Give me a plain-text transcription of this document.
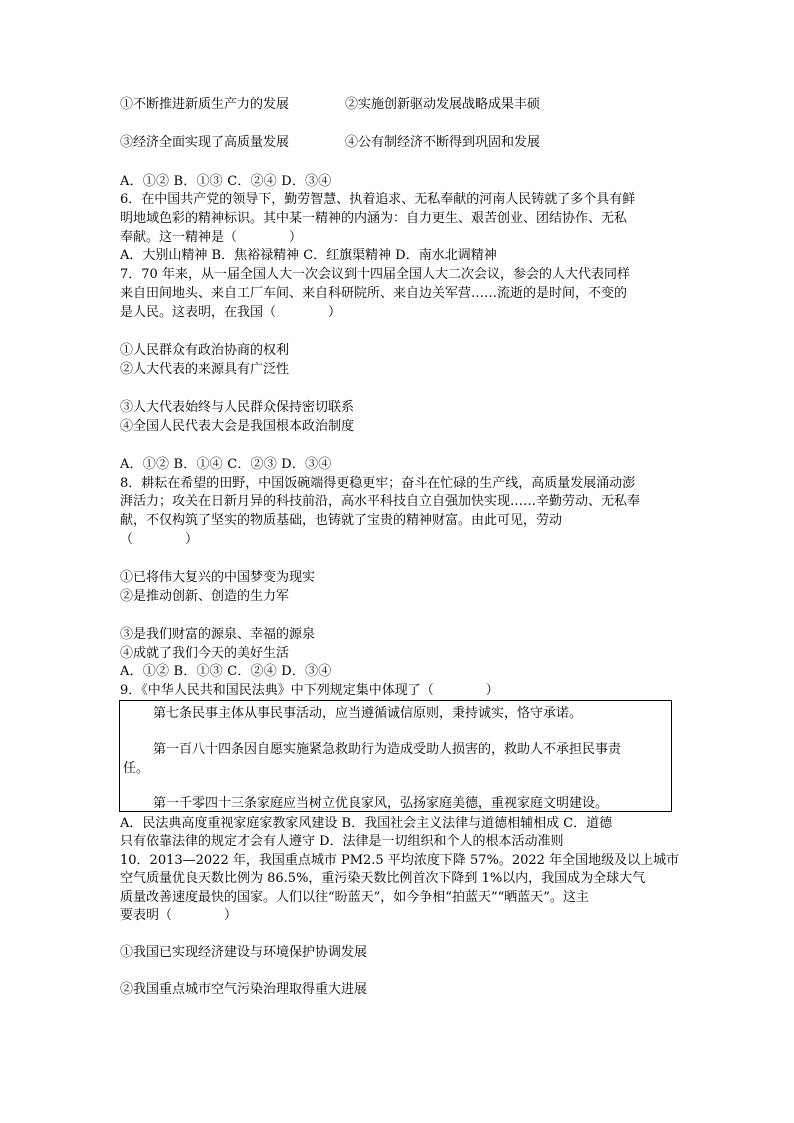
①不断推进新质生产力的发展	②实施创新驱动发展战略成果丰硕
③经济全面实现了高质量发展	④公有制经济不断得到巩固和发展
A．①② B．①③ C．②④ D．③④
6．在中国共产党的领导下，勤劳智慧、执着追求、无私奉献的河南人民铸就了多个具有鲜
明地域色彩的精神标识。其中某一精神的内涵为：自力更生、艰苦创业、团结协作、无私
奉献。这一精神是（　　　　）
A．大别山精神 B．焦裕禄精神 C．红旗渠精神 D．南水北调精神
7．70 年来，从一届全国人大一次会议到十四届全国人大二次会议，参会的人大代表同样
来自田间地头、来自工厂车间、来自科研院所、来自边关军营……流逝的是时间，不变的
是人民。这表明，在我国（　　　　）
①人民群众有政治协商的权利
②人大代表的来源具有广泛性
③人大代表始终与人民群众保持密切联系
④全国人民代表大会是我国根本政治制度
A．①② B．①④ C．②③ D．③④
8．耕耘在希望的田野，中国饭碗端得更稳更牢；奋斗在忙碌的生产线，高质量发展涌动澎
湃活力；攻关在日新月异的科技前沿，高水平科技自立自强加快实现……辛勤劳动、无私奉
献，不仅构筑了坚实的物质基础，也铸就了宝贵的精神财富。由此可见，劳动
（　　　　）
①已将伟大复兴的中国梦变为现实
②是推动创新、创造的生力军
③是我们财富的源泉、幸福的源泉
④成就了我们今天的美好生活
A．①② B．①③ C．②④ D．③④
9．《中华人民共和国民法典》中下列规定集中体现了（　　　　）
第七条民事主体从事民事活动，应当遵循诚信原则，秉持诚实，恪守承诺。
第一百八十四条因自愿实施紧急救助行为造成受助人损害的，救助人不承担民事责
任。
第一千零四十三条家庭应当树立优良家风，弘扬家庭美德，重视家庭文明建设。
A．民法典高度重视家庭家教家风建设 B．我国社会主义法律与道德相辅相成 C．道德
只有依靠法律的规定才会有人遵守 D．法律是一切组织和个人的根本活动准则
10．2013—2022 年，我国重点城市 PM2.5 平均浓度下降 57%。2022 年全国地级及以上城市
空气质量优良天数比例为 86.5%，重污染天数比例首次下降到 1%以内，我国成为全球大气
质量改善速度最快的国家。人们以往“盼蓝天”，如今争相“拍蓝天”“晒蓝天”。这主
要表明（　　　　）
①我国已实现经济建设与环境保护协调发展
②我国重点城市空气污染治理取得重大进展
